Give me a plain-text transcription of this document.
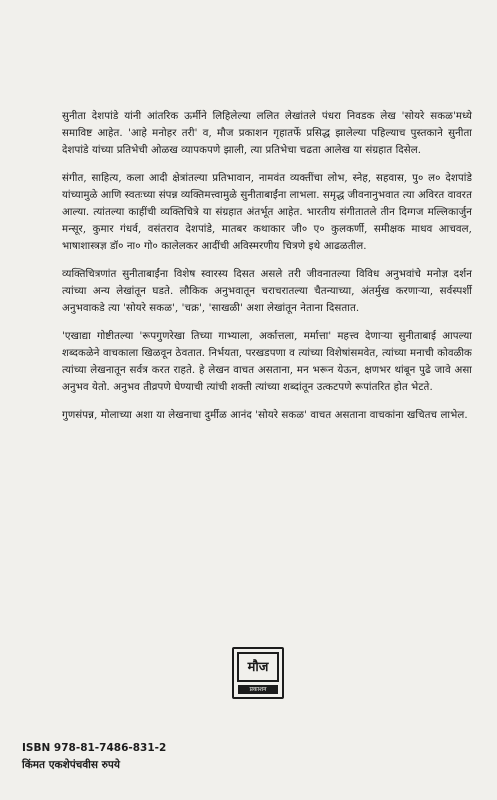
सुनीता देशपांडे यांनी आंतरिक ऊर्मीने लिहिलेल्या ललित लेखांतले पंधरा निवडक लेख 'सोयरे सकळ'मध्ये समाविष्ट आहेत. 'आहे मनोहर तरी' व, मौज प्रकाशन गृहातर्फे प्रसिद्ध झालेल्या पहिल्याच पुस्तकाने सुनीता देशपांडे यांच्या प्रतिभेची ओळख व्यापकपणे झाली, त्या प्रतिभेचा चढता आलेख या संग्रहात दिसेल.

संगीत, साहित्य, कला आदी क्षेत्रांतल्या प्रतिभावान, नामवंत व्यक्तींचा लोभ, स्नेह, सहवास, पु० ल० देशपांडे यांच्यामुळे आणि स्वतःच्या संपन्न व्यक्तिमत्त्वामुळे सुनीताबाईंना लाभला. समृद्ध जीवनानुभवात त्या अविरत वावरत आल्या. त्यांतल्या काहींची व्यक्तिचित्रे या संग्रहात अंतर्भूत आहेत. भारतीय संगीतातले तीन दिग्गज मल्लिकार्जुन मन्सूर, कुमार गंधर्व, वसंतराव देशपांडे, मातबर कथाकार जी० ए० कुलकर्णी, समीक्षक माधव आचवल, भाषाशास्त्रज्ञ डॉ० ना० गो० कालेलकर आदींची अविस्मरणीय चित्रणे इथे आढळतील.

व्यक्तिचित्रणांत सुनीताबाईंना विशेष स्वारस्य दिसत असले तरी जीवनातल्या विविध अनुभवांचे मनोज्ञ दर्शन त्यांच्या अन्य लेखांतून घडते. लौकिक अनुभवातून चराचरातल्या चैतन्याच्या, अंतर्मुख करणाऱ्या, सर्वस्पर्शी अनुभवाकडे त्या 'सोयरे सकळ', 'चक्र', 'साखळी' अशा लेखांतून नेताना दिसतात.

'एखाद्या गोष्टीतल्या 'रूपगुणरेखा तिच्या गाभ्याला, अर्कात्तला, मर्मात्ता' महत्त्व देणाऱ्या सुनीताबाई आपल्या शब्दकळेने वाचकाला खिळवून ठेवतात. निर्भयता, परखडपणा व त्यांच्या विशेषांसमवेत, त्यांच्या मनाची कोवळीक त्यांच्या लेखनातून सर्वत्र करत राहते. हे लेखन वाचत असताना, मन भरून येऊन, क्षणभर थांबून पुढे जावे असा अनुभव येतो. अनुभव तीव्रपणे घेण्याची त्यांची शक्ती त्यांच्या शब्दांतून उत्कटपणे रूपांतरित होत भेटते.

गुणसंपन्न, मोलाच्या अशा या लेखनाचा दुर्मीळ आनंद 'सोयरे सकळ' वाचत असताना वाचकांना खचितच लाभेल.

मौज
प्रकाशन
ISBN 978-81-7486-831-2
किंमत एकशेपंचवीस रुपये
